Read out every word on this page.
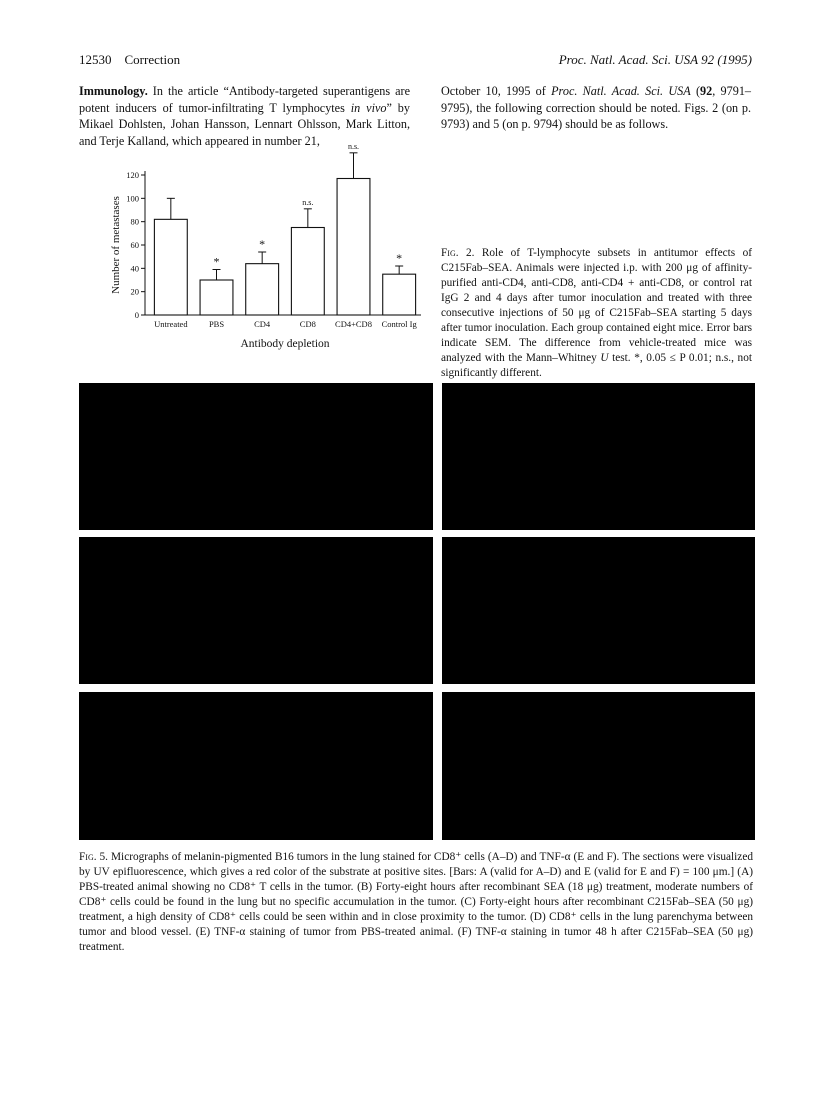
12530 Correction	Proc. Natl. Acad. Sci. USA 92 (1995)
Immunology. In the article “Antibody-targeted superantigens are potent inducers of tumor-infiltrating T lymphocytes in vivo” by Mikael Dohlsten, Johan Hansson, Lennart Ohlsson, Mark Litton, and Terje Kalland, which appeared in number 21,
October 10, 1995 of Proc. Natl. Acad. Sci. USA (92, 9791–9795), the following correction should be noted. Figs. 2 (on p. 9793) and 5 (on p. 9794) should be as follows.
0
20
40
60
80
100
120
Number of metastases
Untreated
*
PBS
*
CD4
n.s.
CD8
n.s.
CD4+CD8
*
Control Ig
Antibody depletion
Fig. 2. Role of T-lymphocyte subsets in antitumor effects of C215Fab–SEA. Animals were injected i.p. with 200 μg of affinity-purified anti-CD4, anti-CD8, anti-CD4 + anti-CD8, or control rat IgG 2 and 4 days after tumor inoculation and treated with three consecutive injections of 50 μg of C215Fab–SEA starting 5 days after tumor inoculation. Each group contained eight mice. Error bars indicate SEM. The difference from vehicle-treated mice was analyzed with the Mann–Whitney U test. *, 0.05 ≤ P 0.01; n.s., not significantly different.
Fig. 5. Micrographs of melanin-pigmented B16 tumors in the lung stained for CD8⁺ cells (A–D) and TNF-α (E and F). The sections were visualized by UV epifluorescence, which gives a red color of the substrate at positive sites. [Bars: A (valid for A–D) and E (valid for E and F) = 100 μm.] (A) PBS-treated animal showing no CD8⁺ T cells in the tumor. (B) Forty-eight hours after recombinant SEA (18 μg) treatment, moderate numbers of CD8⁺ cells could be found in the lung but no specific accumulation in the tumor. (C) Forty-eight hours after recombinant C215Fab–SEA (50 μg) treatment, a high density of CD8⁺ cells could be seen within and in close proximity to the tumor. (D) CD8⁺ cells in the lung parenchyma between tumor and blood vessel. (E) TNF-α staining of tumor from PBS-treated animal. (F) TNF-α staining in tumor 48 h after C215Fab–SEA (50 μg) treatment.
